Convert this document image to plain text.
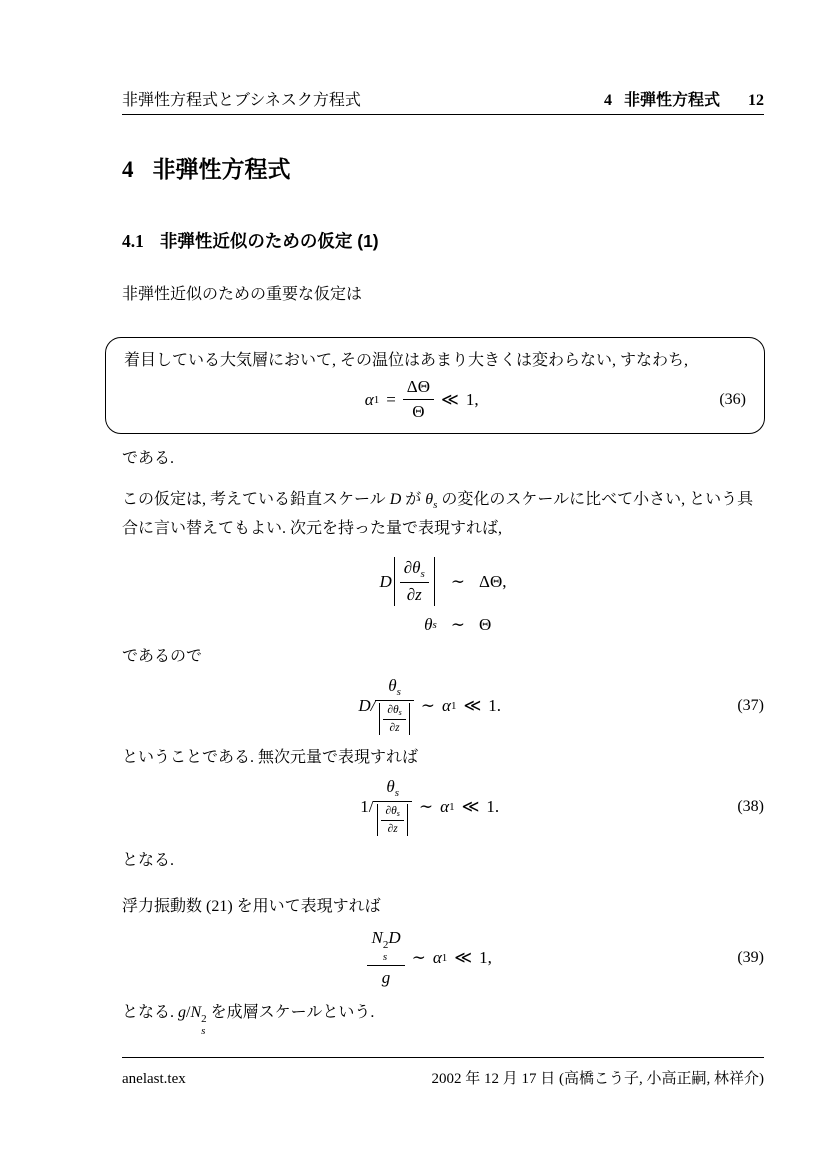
非弾性方程式とブシネスク方程式	4 非弾性方程式 12
4 非弾性方程式
4.1 非弾性近似のための仮定 (1)
非弾性近似のための重要な仮定は
着目している大気層において, その温位はあまり大きくは変わらない, すなわち,
α $1 = \frac{\Delta\Theta}{\Theta}$ ≪ 1,	(36)
である.
この仮定は, 考えている鉛直スケール D が $\theta_s$ の変化のスケールに比べて小さい, という具合に言い替えてもよい. 次元を持った量で表現すれば,
D $\frac{\partial\theta_s}{\partial z}$	∼ ΔΘ,
θ s ∼ Θ
であるので
$D/ \frac{\theta_s}{\frac{\partial\theta_s}{\partial z}}$ ∼ α 1 ≪ 1.	(37)
ということである. 無次元量で表現すれば
$1/ \frac{\theta_s}{\frac{\partial\theta_s}{\partial z}}$ ∼ α 1 ≪ 1.	(38)
となる.
浮力振動数 (21) を用いて表現すれば
N 2
s
D
g ∼ α 1 ≪ 1,	(39)
となる. g/N 2
s
を成層スケールという.
anelast.tex	2002 年 12 月 17 日 (高橋こう子, 小高正嗣, 林祥介)
